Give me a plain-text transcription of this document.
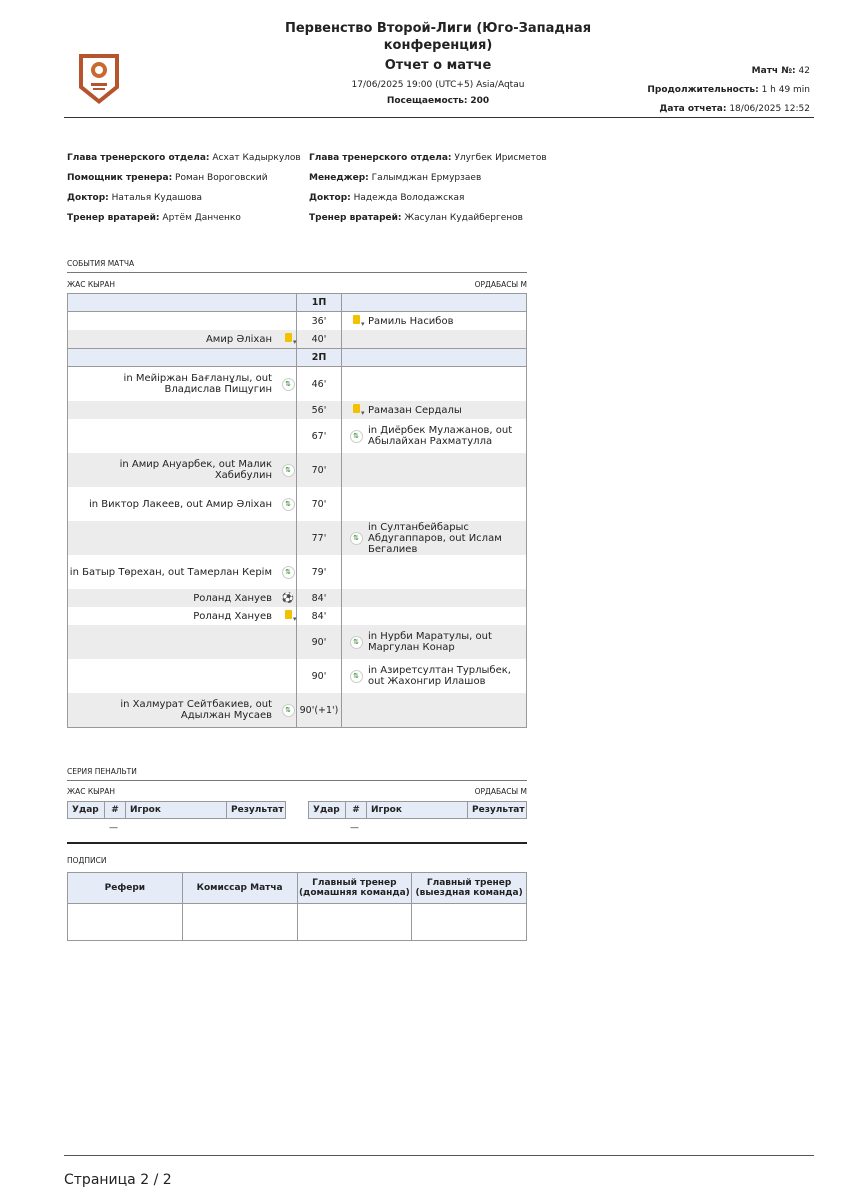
Первенство Второй-Лиги (Юго-Западная конференция)
Отчет о матче
17/06/2025 19:00 (UTC+5) Asia/Aqtau
Посещаемость: 200
Матч №: 42
Продолжительность: 1 h 49 min
Дата отчета: 18/06/2025 12:52
Глава тренерского отдела: Асхат Кадыркулов
Помощник тренера: Роман Вороговский
Доктор: Наталья Кудашова
Тренер вратарей: Артём Данченко
Глава тренерского отдела: Улугбек Ирисметов
Менеджер: Галымджан Ермурзаев
Доктор: Надежда Володажская
Тренер вратарей: Жасулан Кудайбергенов
СОБЫТИЯ МАТЧА
ЖАС КЫРАН	ОРДАБАСЫ М
		1П		
		36'	▾	Рамиль Насибов
Амир Әліхан	▾	40'		
		2П		
in Мейіржан Бағланұлы, out Владислав Пищугин	⇅	46'		
		56'	▾	Рамазан Сердалы
		67'	⇅	in Диёрбек Мулажанов, out Абылайхан Рахматулла
in Амир Ануарбек, out Малик Хабибулин	⇅	70'		
in Виктор Лакеев, out Амир Әліхан	⇅	70'		
		77'	⇅	in Султанбейбарыс Абдугаппаров, out Ислам Бегалиев
in Батыр Төрехан, out Тамерлан Керім	⇅	79'		
Роланд Хануев	⚽	84'		
Роланд Хануев	▾	84'		
		90'	⇅	in Нурби Маратулы, out Маргулан Конар
		90'	⇅	in Азиретсултан Турлыбек, out Жахонгир Илашов
in Халмурат Сейтбакиев, out Адылжан Мусаев	⇅	90'(+1')		
СЕРИЯ ПЕНАЛЬТИ
ЖАС КЫРАН	ОРДАБАСЫ М
Удар	#	Игрок	Результат
—
Удар	#	Игрок	Результат
—
ПОДПИСИ
Рефери	Комиссар Матча	Главный тренер (домашняя команда)	Главный тренер (выездная команда)

Страница 2 / 2
